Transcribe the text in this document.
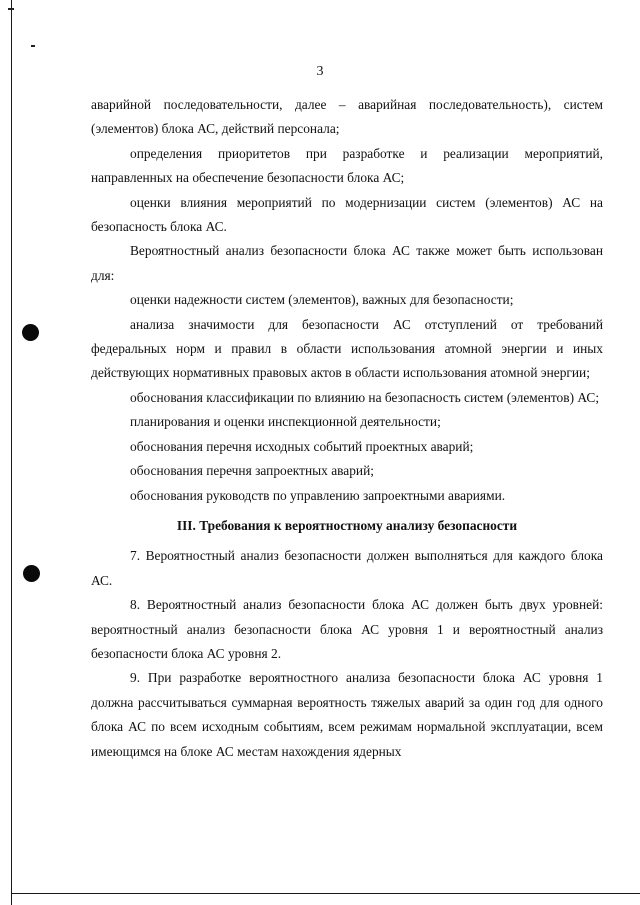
3

аварийной последовательности, далее – аварийная последовательность), систем (элементов) блока АС, действий персонала;

определения приоритетов при разработке и реализации мероприятий, направленных на обеспечение безопасности блока АС;

оценки влияния мероприятий по модернизации систем (элементов) АС на безопасность блока АС.

Вероятностный анализ безопасности блока АС также может быть использован для:

оценки надежности систем (элементов), важных для безопасности;

анализа значимости для безопасности АС отступлений от требований федеральных норм и правил в области использования атомной энергии и иных действующих нормативных правовых актов в области использования атомной энергии;

обоснования классификации по влиянию на безопасность систем (элементов) АС;

планирования и оценки инспекционной деятельности;

обоснования перечня исходных событий проектных аварий;

обоснования перечня запроектных аварий;

обоснования руководств по управлению запроектными авариями.

III. Требования к вероятностному анализу безопасности

7. Вероятностный анализ безопасности должен выполняться для каждого блока АС.

8. Вероятностный анализ безопасности блока АС должен быть двух уровней: вероятностный анализ безопасности блока АС уровня 1 и вероятностный анализ безопасности блока АС уровня 2.

9. При разработке вероятностного анализа безопасности блока АС уровня 1 должна рассчитываться суммарная вероятность тяжелых аварий за один год для одного блока АС по всем исходным событиям, всем режимам нормальной эксплуатации, всем имеющимся на блоке АС местам нахождения ядерных
